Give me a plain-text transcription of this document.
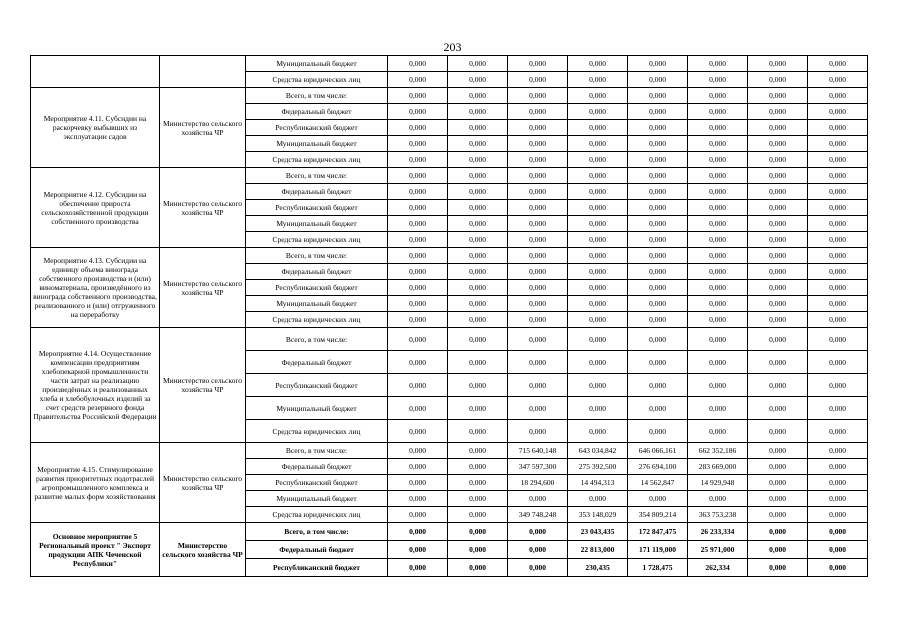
203
		Муниципальный бюджет	0,000	0,000	0,000	0,000	0,000	0,000	0,000	0,000
		Средства юридических лиц	0,000	0,000	0,000	0,000	0,000	0,000	0,000	0,000
Мероприятие 4.11. Субсидии на раскорчевку выбывших из эксплуатации садов	Министерство сельского хозяйства ЧР	Всего, в том числе:	0,000	0,000	0,000	0,000	0,000	0,000	0,000	0,000
		Федеральный бюджет	0,000	0,000	0,000	0,000	0,000	0,000	0,000	0,000
		Республиканский бюджет	0,000	0,000	0,000	0,000	0,000	0,000	0,000	0,000
		Муниципальный бюджет	0,000	0,000	0,000	0,000	0,000	0,000	0,000	0,000
		Средства юридических лиц	0,000	0,000	0,000	0,000	0,000	0,000	0,000	0,000
Мероприятие 4.12. Субсидии на обеспечение прироста сельскохозяйственной продукции собственного производства	Министерство сельского хозяйства ЧР	Всего, в том числе:	0,000	0,000	0,000	0,000	0,000	0,000	0,000	0,000
		Федеральный бюджет	0,000	0,000	0,000	0,000	0,000	0,000	0,000	0,000
		Республиканский бюджет	0,000	0,000	0,000	0,000	0,000	0,000	0,000	0,000
		Муниципальный бюджет	0,000	0,000	0,000	0,000	0,000	0,000	0,000	0,000
		Средства юридических лиц	0,000	0,000	0,000	0,000	0,000	0,000	0,000	0,000
Мероприятие 4.13. Субсидии на единицу объема винограда собственного производства и (или) виноматериала, произведённого из винограда собственного производства, реализованного и (или) отгруженного на переработку	Министерство сельского хозяйства ЧР	Всего, в том числе:	0,000	0,000	0,000	0,000	0,000	0,000	0,000	0,000
		Федеральный бюджет	0,000	0,000	0,000	0,000	0,000	0,000	0,000	0,000
		Республиканский бюджет	0,000	0,000	0,000	0,000	0,000	0,000	0,000	0,000
		Муниципальный бюджет	0,000	0,000	0,000	0,000	0,000	0,000	0,000	0,000
		Средства юридических лиц	0,000	0,000	0,000	0,000	0,000	0,000	0,000	0,000
Мероприятие 4.14. Осуществление компенсации предприятиям хлебопекарной промышленности части затрат на реализацию произведённых и реализованных хлеба и хлебобулочных изделий за счет средств резервного фонда Правительства Российской Федерации	Министерство сельского хозяйства ЧР	Всего, в том числе:	0,000	0,000	0,000	0,000	0,000	0,000	0,000	0,000
		Федеральный бюджет	0,000	0,000	0,000	0,000	0,000	0,000	0,000	0,000
		Республиканский бюджет	0,000	0,000	0,000	0,000	0,000	0,000	0,000	0,000
		Муниципальный бюджет	0,000	0,000	0,000	0,000	0,000	0,000	0,000	0,000
		Средства юридических лиц	0,000	0,000	0,000	0,000	0,000	0,000	0,000	0,000
Мероприятие 4.15. Стимулирование развития приоритетных подотраслей агропромышленного комплекса и развитие малых форм хозяйствования	Министерство сельского хозяйства ЧР	Всего, в том числе:	0,000	0,000	715 640,148	643 034,842	646 066,161	662 352,186	0,000	0,000
		Федеральный бюджет	0,000	0,000	347 597,300	275 392,500	276 694,100	283 669,000	0,000	0,000
		Республиканский бюджет	0,000	0,000	18 294,600	14 494,313	14 562,847	14 929,948	0,000	0,000
		Муниципальный бюджет	0,000	0,000	0,000	0,000	0,000	0,000	0,000	0,000
		Средства юридических лиц	0,000	0,000	349 748,248	353 148,029	354 809,214	363 753,238	0,000	0,000
Основное мероприятие 5 Региональный проект " Экспорт продукции АПК Чеченской Республики"	Министерство сельского хозяйства ЧР	Всего, в том числе:	0,000	0,000	0,000	23 043,435	172 847,475	26 233,334	0,000	0,000
		Федеральный бюджет	0,000	0,000	0,000	22 813,000	171 119,000	25 971,000	0,000	0,000
		Республиканский бюджет	0,000	0,000	0,000	230,435	1 728,475	262,334	0,000	0,000
